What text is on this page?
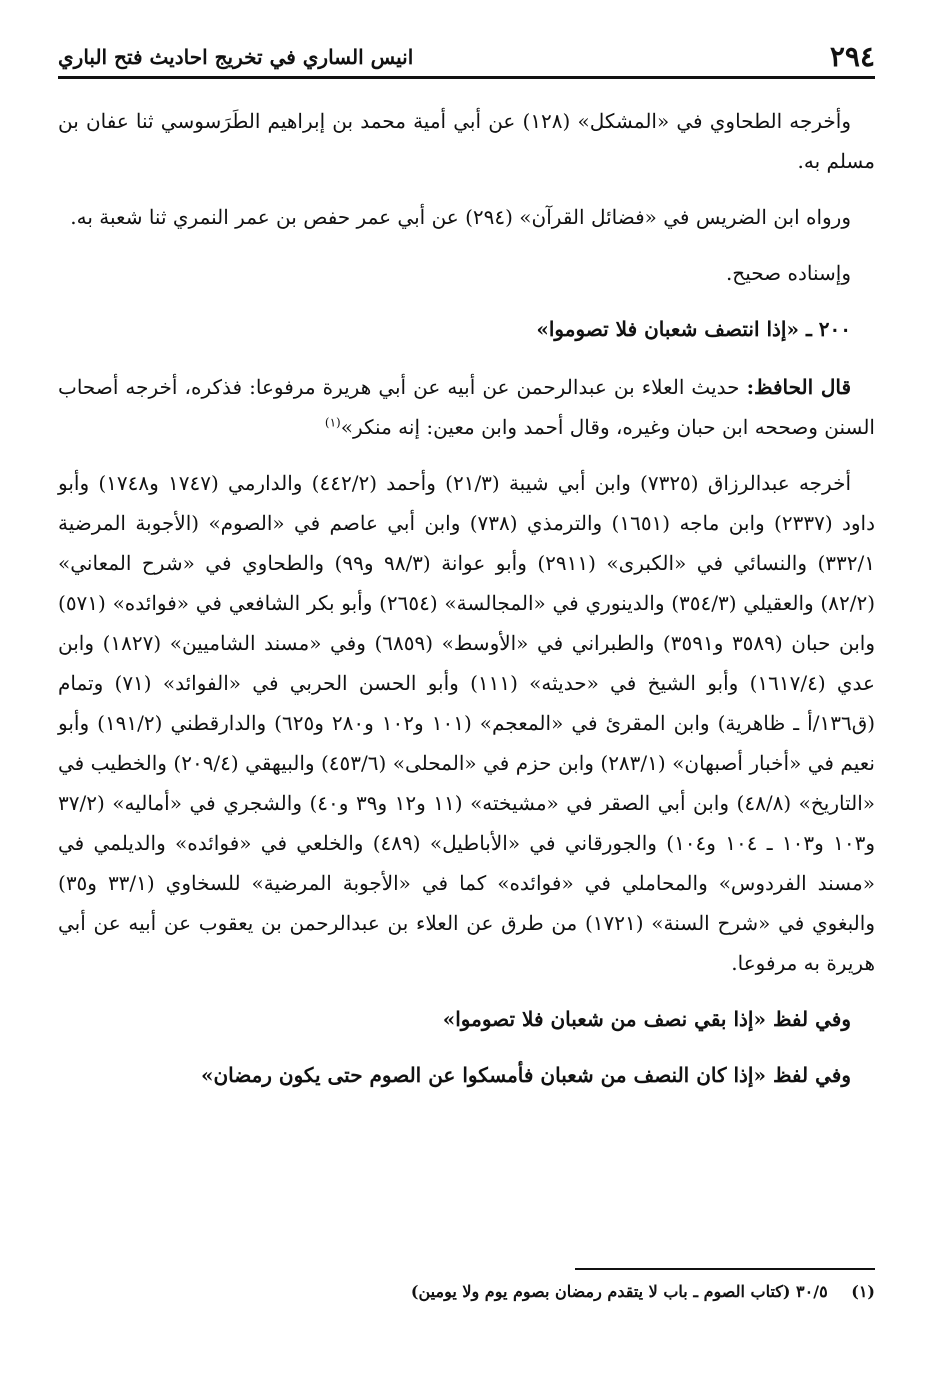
٢٩٤
انيس الساري في تخريج احاديث فتح الباري

وأخرجه الطحاوي في «المشكل» (١٢٨) عن أبي أمية محمد بن إبراهيم الطَرَسوسي ثنا عفان بن مسلم به.

ورواه ابن الضريس في «فضائل القرآن» (٢٩٤) عن أبي عمر حفص بن عمر النمري ثنا شعبة به.

وإسناده صحيح.

٢٠٠ ـ «إذا انتصف شعبان فلا تصوموا»

قال الحافظ: حديث العلاء بن عبدالرحمن عن أبيه عن أبي هريرة مرفوعا: فذكره، أخرجه أصحاب السنن وصححه ابن حبان وغيره، وقال أحمد وابن معين: إنه منكر»$^{(١)}$

أخرجه عبدالرزاق (٧٣٢٥) وابن أبي شيبة (٢١/٣) وأحمد (٤٤٢/٢) والدارمي (١٧٤٧ و١٧٤٨) وأبو داود (٢٣٣٧) وابن ماجه (١٦٥١) والترمذي (٧٣٨) وابن أبي عاصم في «الصوم» (الأجوبة المرضية ٣٣٢/١) والنسائي في «الكبرى» (٢٩١١) وأبو عوانة (٩٨/٣ و٩٩) والطحاوي في «شرح المعاني» (٨٢/٢) والعقيلي (٣٥٤/٣) والدينوري في «المجالسة» (٢٦٥٤) وأبو بكر الشافعي في «فوائده» (٥٧١) وابن حبان (٣٥٨٩ و٣٥٩١) والطبراني في «الأوسط» (٦٨٥٩) وفي «مسند الشاميين» (١٨٢٧) وابن عدي (١٦١٧/٤) وأبو الشيخ في «حديثه» (١١١) وأبو الحسن الحربي في «الفوائد» (٧١) وتمام (ق١٣٦/أ ـ ظاهرية) وابن المقرئ في «المعجم» (١٠١ و١٠٢ و٢٨٠ و٦٢٥) والدارقطني (١٩١/٢) وأبو نعيم في «أخبار أصبهان» (٢٨٣/١) وابن حزم في «المحلى» (٤٥٣/٦) والبيهقي (٢٠٩/٤) والخطيب في «التاريخ» (٤٨/٨) وابن أبي الصقر في «مشيخته» (١١ و١٢ و٣٩ و٤٠) والشجري في «أماليه» (٣٧/٢ و١٠٣ و١٠٣ ـ ١٠٤ و١٠٤) والجورقاني في «الأباطيل» (٤٨٩) والخلعي في «فوائده» والديلمي في «مسند الفردوس» والمحاملي في «فوائده» كما في «الأجوبة المرضية» للسخاوي (٣٣/١ و٣٥) والبغوي في «شرح السنة» (١٧٢١) من طرق عن العلاء بن عبدالرحمن بن يعقوب عن أبيه عن أبي هريرة به مرفوعا.

وفي لفظ «إذا بقي نصف من شعبان فلا تصوموا»

وفي لفظ «إذا كان النصف من شعبان فأمسكوا عن الصوم حتى يكون رمضان»

(١) ٣٠/٥ (كتاب الصوم ـ باب لا يتقدم رمضان بصوم يوم ولا يومين)
